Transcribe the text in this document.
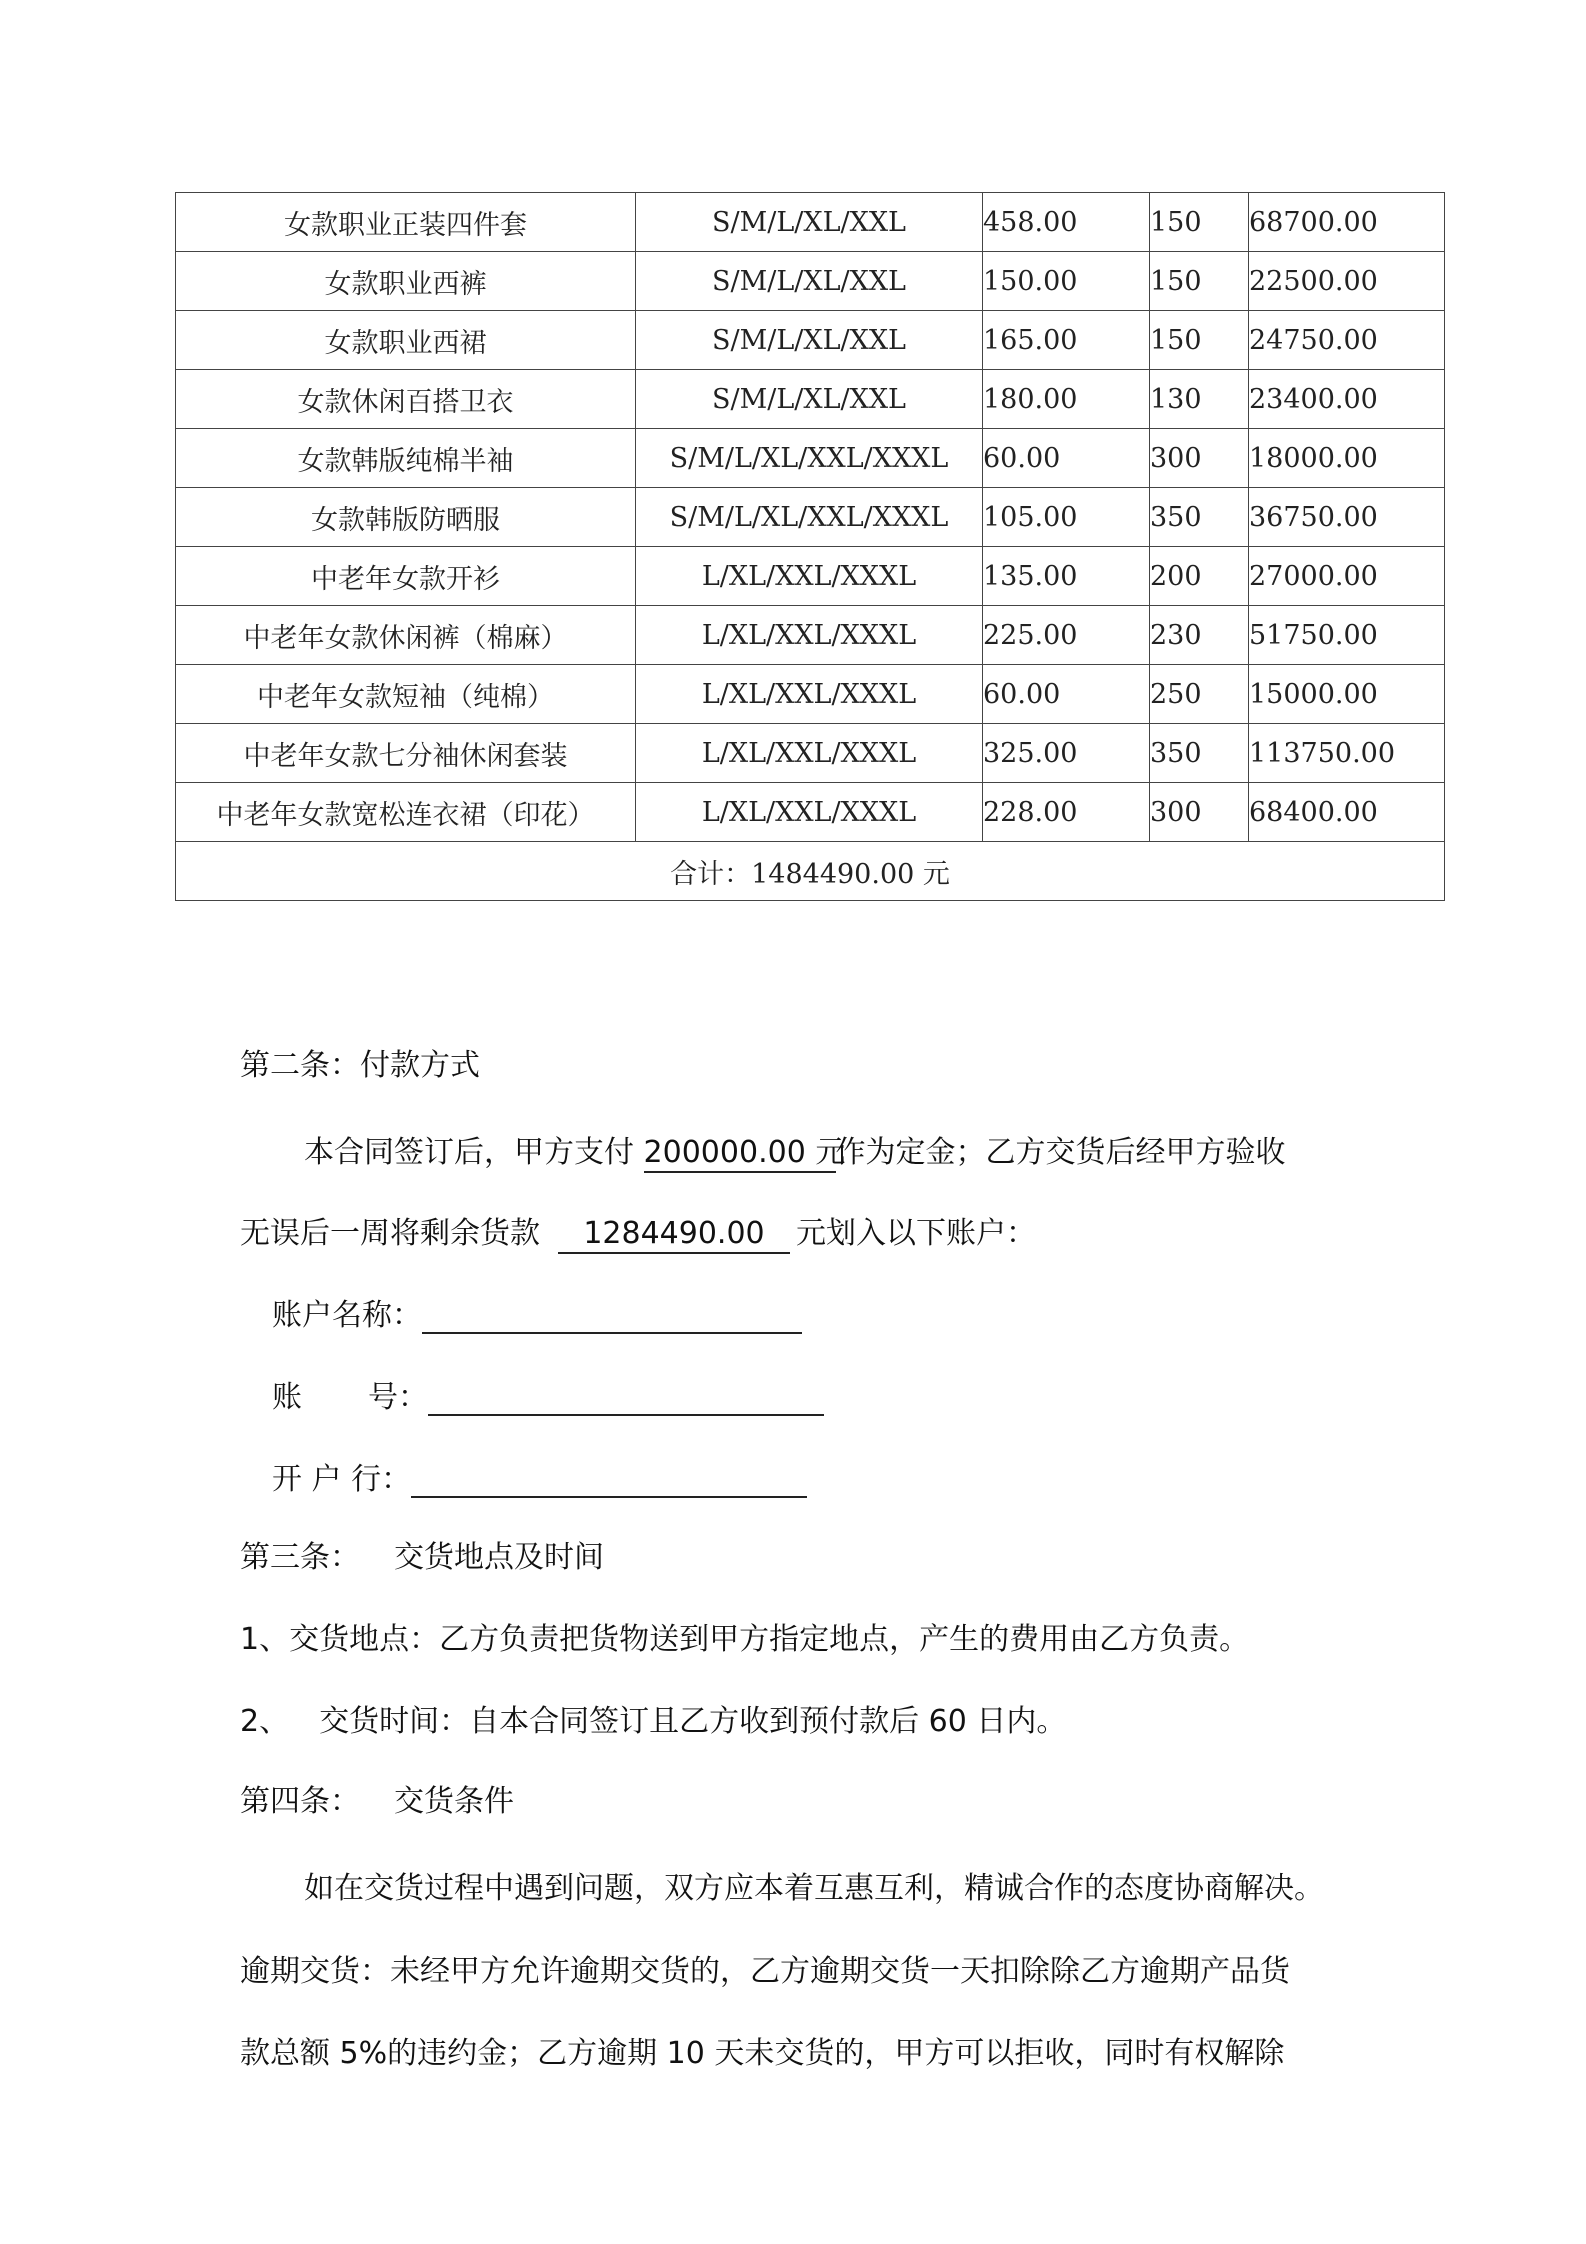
女款职业正装四件套	S/M/L/XL/XXL	458.00	150	68700.00
女款职业西裤	S/M/L/XL/XXL	150.00	150	22500.00
女款职业西裙	S/M/L/XL/XXL	165.00	150	24750.00
女款休闲百搭卫衣	S/M/L/XL/XXL	180.00	130	23400.00
女款韩版纯棉半袖	S/M/L/XL/XXL/XXXL	60.00	300	18000.00
女款韩版防晒服	S/M/L/XL/XXL/XXXL	105.00	350	36750.00
中老年女款开衫	L/XL/XXL/XXXL	135.00	200	27000.00
中老年女款休闲裤（棉麻）	L/XL/XXL/XXXL	225.00	230	51750.00
中老年女款短袖（纯棉）	L/XL/XXL/XXXL	60.00	250	15000.00
中老年女款七分袖休闲套装	L/XL/XXL/XXXL	325.00	350	113750.00
中老年女款宽松连衣裙（印花）	L/XL/XXL/XXXL	228.00	300	68400.00
合计：1484490.00 元				
第二条：付款方式
本合同签订后，甲方支付 200000.00 元作为定金；乙方交货后经甲方验收
无误后一周将剩余货款 1284490.00 元划入以下账户：
账户名称：
账 号：
开 户 行：
第三条： 交货地点及时间
1、交货地点：乙方负责把货物送到甲方指定地点，产生的费用由乙方负责。
2、 交货时间：自本合同签订且乙方收到预付款后 60 日内。
第四条： 交货条件
如在交货过程中遇到问题，双方应本着互惠互利，精诚合作的态度协商解决。
逾期交货：未经甲方允许逾期交货的，乙方逾期交货一天扣除除乙方逾期产品货
款总额 5%的违约金；乙方逾期 10 天未交货的，甲方可以拒收，同时有权解除
